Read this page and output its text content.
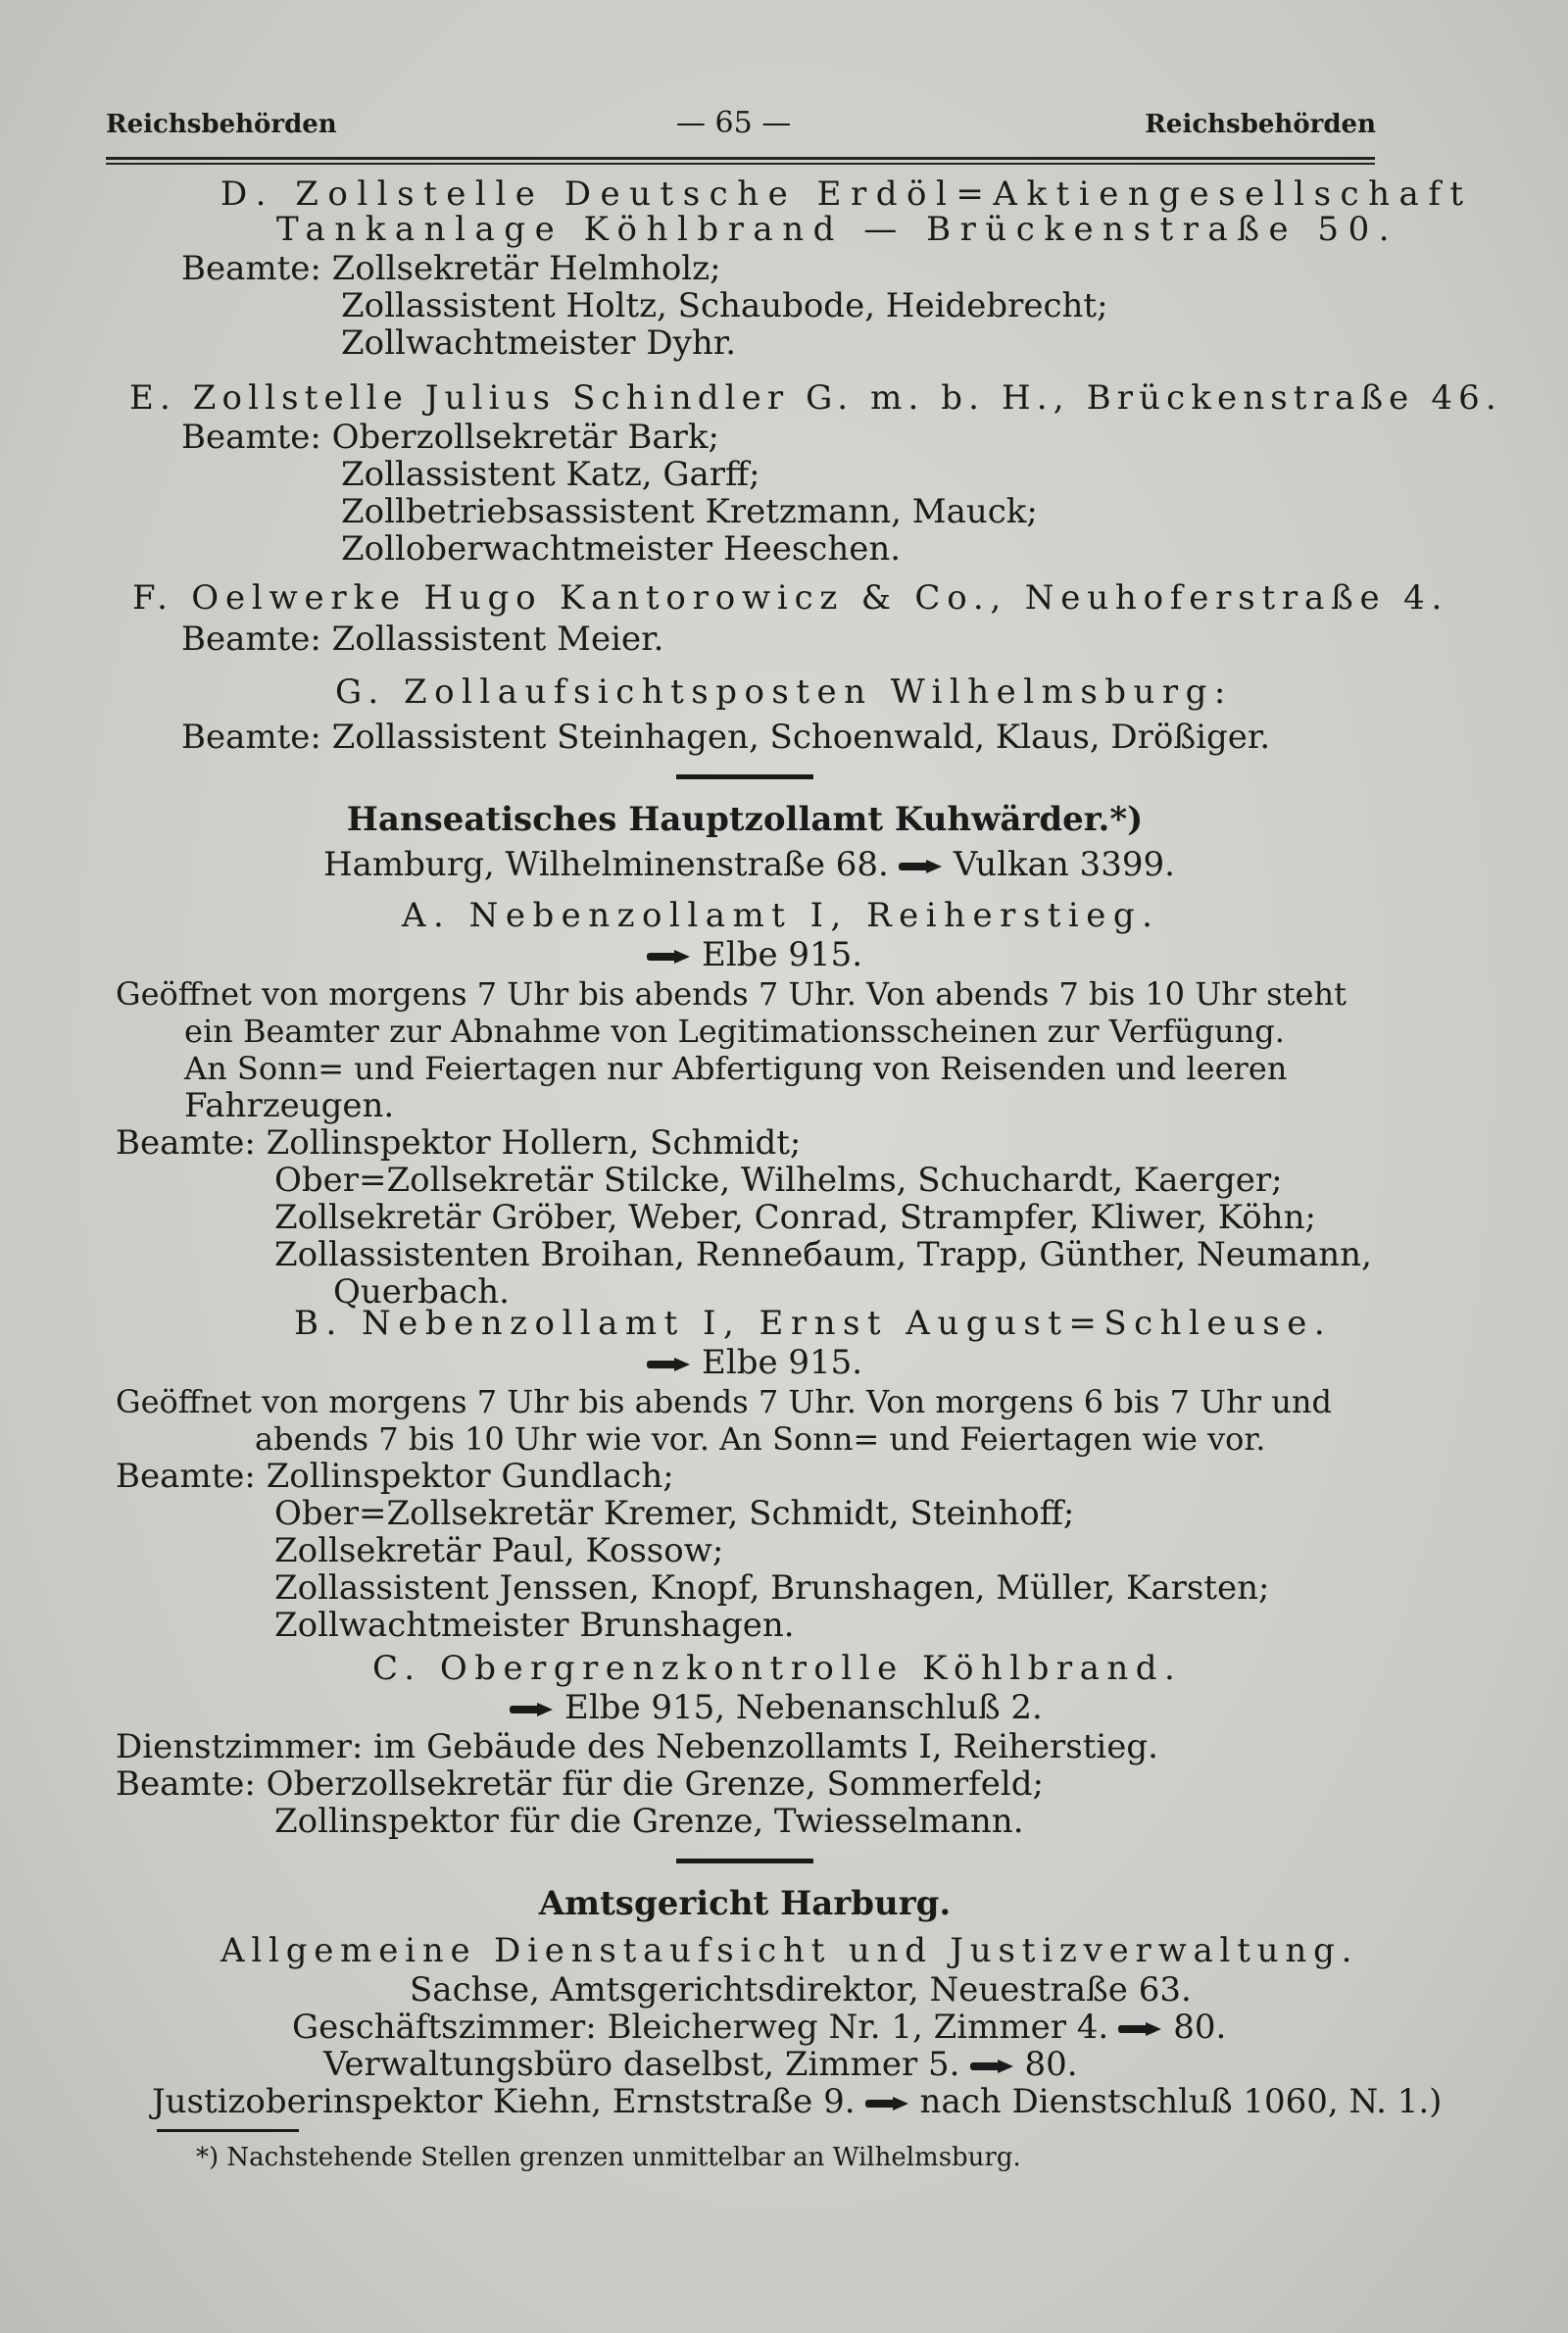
Reichsbehörden	— 65 —	Reichsbehörden
D. Zollstelle Deutsche Erdöl=Aktiengesellschaft
Tankanlage Köhlbrand — Brückenstraße 50.
Beamte: Zollsekretär Helmholz;
Zollassistent Holtz, Schaubode, Heidebrecht;
Zollwachtmeister Dyhr.
E. Zollstelle Julius Schindler G. m. b. H., Brückenstraße 46.
Beamte: Oberzollsekretär Bark;
Zollassistent Katz, Garff;
Zollbetriebsassistent Kretzmann, Mauck;
Zolloberwachtmeister Heeschen.
F. Oelwerke Hugo Kantorowicz & Co., Neuhoferstraße 4.
Beamte: Zollassistent Meier.
G. Zollaufsichtsposten Wilhelmsburg:
Beamte: Zollassistent Steinhagen, Schoenwald, Klaus, Drößiger.
Hanseatisches Hauptzollamt Kuhwärder.*)
Hamburg, Wilhelminenstraße 68. Vulkan 3399.
A. Nebenzollamt I, Reiherstieg.
Elbe 915.
Geöffnet von morgens 7 Uhr bis abends 7 Uhr. Von abends 7 bis 10 Uhr steht
ein Beamter zur Abnahme von Legitimationsscheinen zur Verfügung.
An Sonn= und Feiertagen nur Abfertigung von Reisenden und leeren
Fahrzeugen.
Beamte: Zollinspektor Hollern, Schmidt;
Ober=Zollsekretär Stilcke, Wilhelms, Schuchardt, Kaerger;
Zollsekretär Gröber, Weber, Conrad, Strampfer, Kliwer, Köhn;
Zollassistenten Broihan, Renneбaum, Trapp, Günther, Neumann,
Querbach.
B. Nebenzollamt I, Ernst August=Schleuse.
Elbe 915.
Geöffnet von morgens 7 Uhr bis abends 7 Uhr. Von morgens 6 bis 7 Uhr und
abends 7 bis 10 Uhr wie vor. An Sonn= und Feiertagen wie vor.
Beamte: Zollinspektor Gundlach;
Ober=Zollsekretär Kremer, Schmidt, Steinhoff;
Zollsekretär Paul, Kossow;
Zollassistent Jenssen, Knopf, Brunshagen, Müller, Karsten;
Zollwachtmeister Brunshagen.
C. Obergrenzkontrolle Köhlbrand.
Elbe 915, Nebenanschluß 2.
Dienstzimmer: im Gebäude des Nebenzollamts I, Reiherstieg.
Beamte: Oberzollsekretär für die Grenze, Sommerfeld;
Zollinspektor für die Grenze, Twiesselmann.
Amtsgericht Harburg.
Allgemeine Dienstaufsicht und Justizverwaltung.
Sachse, Amtsgerichtsdirektor, Neuestraße 63.
Geschäftszimmer: Bleicherweg Nr. 1, Zimmer 4. 80.
Verwaltungsbüro daselbst, Zimmer 5. 80.
Justizoberinspektor Kiehn, Ernststraße 9. nach Dienstschluß 1060, N. 1.)
*) Nachstehende Stellen grenzen unmittelbar an Wilhelmsburg.
